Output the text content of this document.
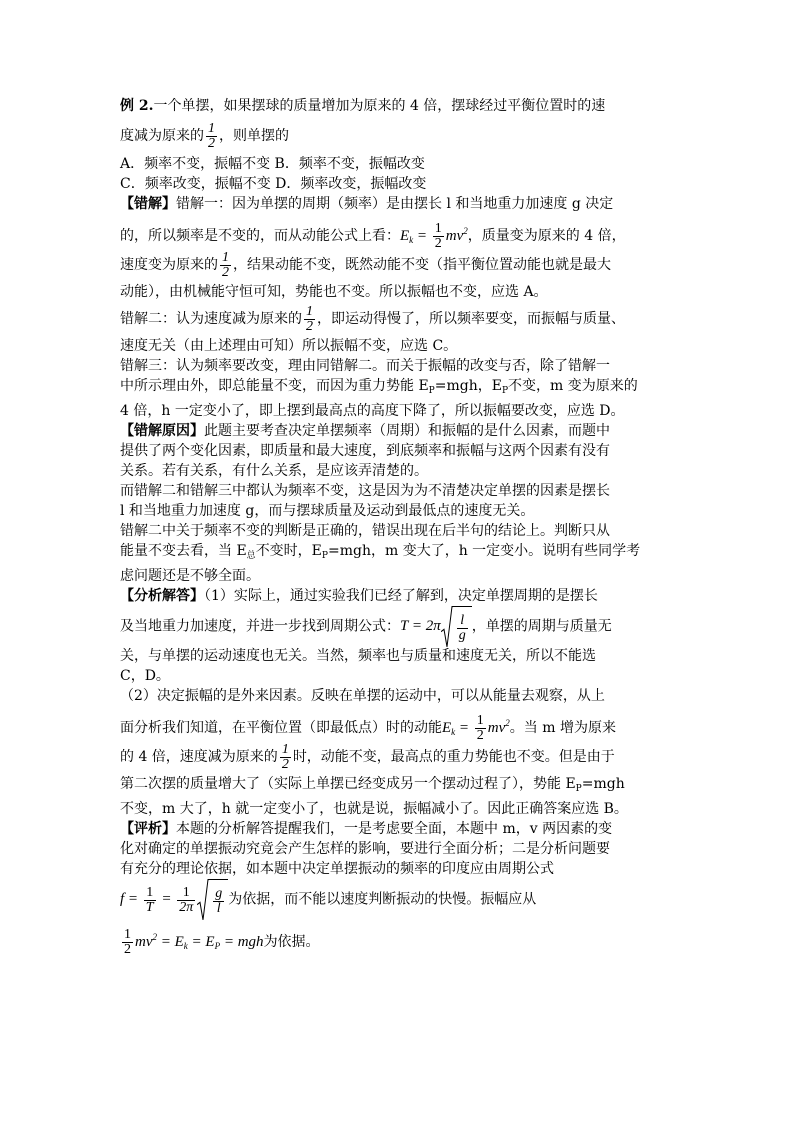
例 2.一个单摆，如果摆球的质量增加为原来的 4 倍，摆球经过平衡位置时的速
度减为原来的 $\frac{1}{2}$ ，则单摆的
A．频率不变，振幅不变 B．频率不变，振幅改变
C．频率改变，振幅不变 D．频率改变，振幅改变
【错解】错解一：因为单摆的周期（频率）是由摆长 l 和当地重力加速度 g 决定
的，所以频率是不变的，而从动能公式上看：$E_k = \frac{1}{2} mv^2$，质量变为原来的 4 倍，
速度变为原来的 $\frac{1}{2}$ ，结果动能不变，既然动能不变（指平衡位置动能也就是最大
动能），由机械能守恒可知，势能也不变。所以振幅也不变，应选 A。
错解二：认为速度减为原来的 $\frac{1}{2}$ ，即运动得慢了，所以频率要变，而振幅与质量、
速度无关（由上述理由可知）所以振幅不变，应选 C。
错解三：认为频率要改变，理由同错解二。而关于振幅的改变与否，除了错解一
中所示理由外，即总能量不变，而因为重力势能 $E_P=mgh$，$E_P$不变，m 变为原来的
4 倍，h 一定变小了，即上摆到最高点的高度下降了，所以振幅要改变，应选 D。
【错解原因】此题主要考查决定单摆频率（周期）和振幅的是什么因素，而题中
提供了两个变化因素，即质量和最大速度，到底频率和振幅与这两个因素有没有
关系。若有关系，有什么关系，是应该弄清楚的。
而错解二和错解三中都认为频率不变，这是因为为不清楚决定单摆的因素是摆长
l 和当地重力加速度 g，而与摆球质量及运动到最低点的速度无关。
错解二中关于频率不变的判断是正确的，错误出现在后半句的结论上。判断只从
能量不变去看，当 $E_总$不变时，$E_P=mgh$，m 变大了，h 一定变小。说明有些同学考
虑问题还是不够全面。
【分析解答】（1）实际上，通过实验我们已经了解到，决定单摆周期的是摆长
及当地重力加速度，并进一步找到周期公式：$T = 2\pi \frac{l}{g}$ ，单摆的周期与质量无
关，与单摆的运动速度也无关。当然，频率也与质量和速度无关，所以不能选
C，D。
（2）决定振幅的是外来因素。反映在单摆的运动中，可以从能量去观察，从上
面分析我们知道，在平衡位置（即最低点）时的动能$E_k = \frac{1}{2} mv^2$。当 m 增为原来
的 4 倍，速度减为原来的 $\frac{1}{2}$ 时，动能不变，最高点的重力势能也不变。但是由于
第二次摆的质量增大了（实际上单摆已经变成另一个摆动过程了），势能 $E_P=mgh$
不变，m 大了，h 就一定变小了，也就是说，振幅减小了。因此正确答案应选 B。
【评析】本题的分析解答提醒我们，一是考虑要全面，本题中 m，v 两因素的变
化对确定的单摆振动究竟会产生怎样的影响，要进行全面分析；二是分析问题要
有充分的理论依据，如本题中决定单摆振动的频率的印度应由周期公式
$f = \frac{1}{T} = \frac{1}{2\pi} \frac{g}{l}$ 为依据，而不能以速度判断振动的快慢。振幅应从
$\frac{1}{2} mv^2 = E_k = E_P$ = mgh为依据。
